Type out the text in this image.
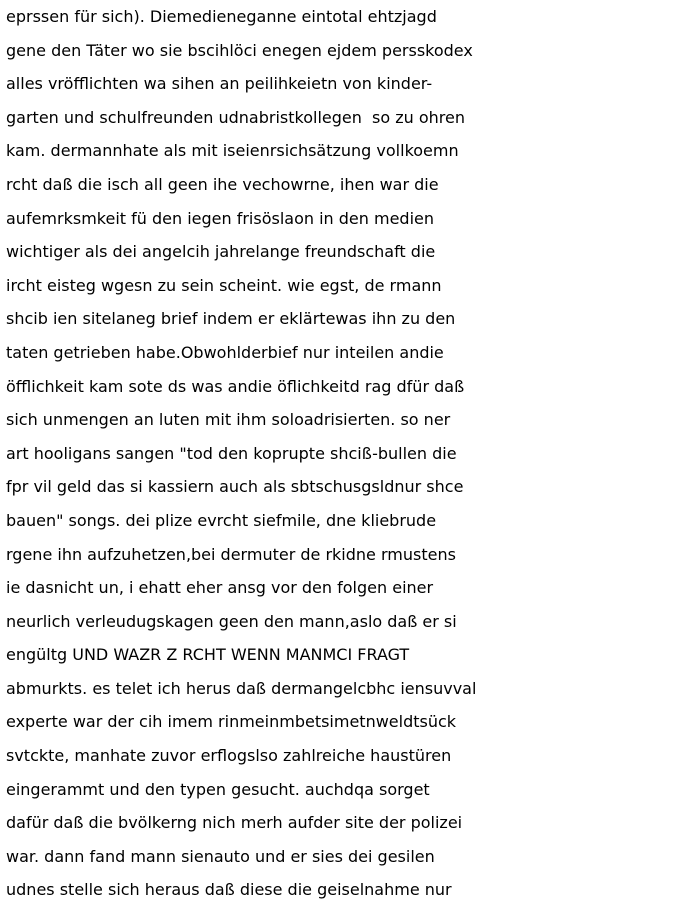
eprssen für sich). Diemedieneganne eintotal ehtzjagd
gene den Täter wo sie bscihlöci enegen ejdem persskodex
alles vröfflichten wa sihen an peilihkeietn von kinder-
garten und schulfreunden udnabristkollegen  so zu ohren
kam. dermannhate als mit iseienrsichsätzung vollkoemn
rcht daß die isch all geen ihe vechowrne, ihen war die
aufemrksmkeit fü den iegen frisöslaon in den medien
wichtiger als dei angelcih jahrelange freundschaft die
ircht eisteg wgesn zu sein scheint. wie egst, de rmann
shcib ien sitelaneg brief indem er eklärtewas ihn zu den
taten getrieben habe.Obwohlderbief nur inteilen andie
öfflichkeit kam sote ds was andie öflichkeitd rag dfür daß
sich unmengen an luten mit ihm soloadrisierten. so ner
art hooligans sangen "tod den koprupte shciß-bullen die
fpr vil geld das si kassiern auch als sbtschusgsldnur shce
bauen" songs. dei plize evrcht siefmile, dne kliebrude
rgene ihn aufzuhetzen,bei dermuter de rkidne rmustens
ie dasnicht un, i ehatt eher ansg vor den folgen einer
neurlich verleudugskagen geen den mann,aslo daß er si
engültg UND WAZR Z RCHT WENN MANMCI FRAGT
abmurkts. es telet ich herus daß dermangelcbhc iensuvval
experte war der cih imem rinmeinmbetsimetnweldtsück
svtckte, manhate zuvor erflogslso zahlreiche haustüren
eingerammt und den typen gesucht. auchdqa sorget
dafür daß die bvölkerng nich merh aufder site der polizei
war. dann fand mann sienauto und er sies dei gesilen
udnes stelle sich heraus daß diese die geiselnahme nur
